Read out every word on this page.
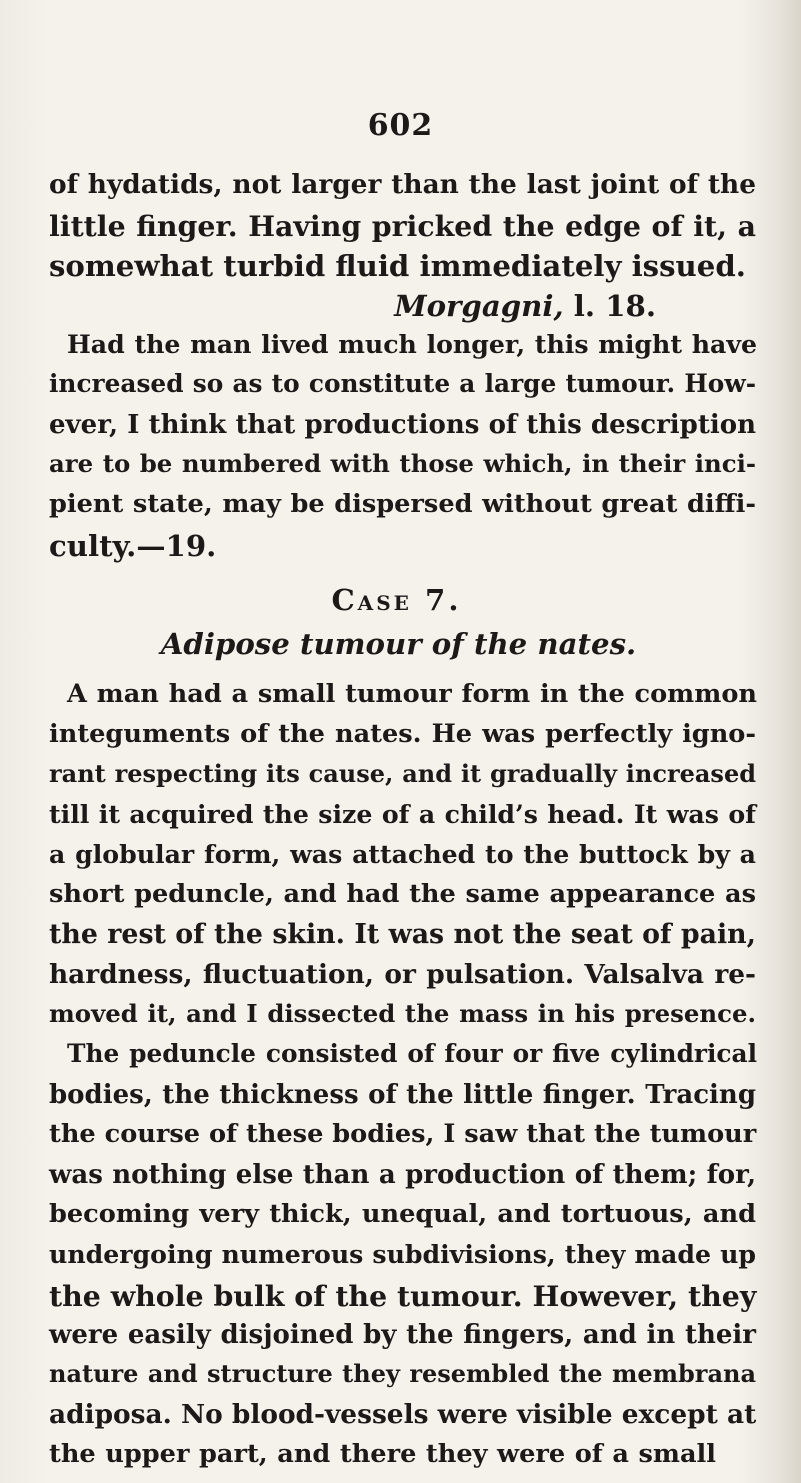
602
of hydatids, not larger than the last joint of the
little finger. Having pricked the edge of it, a
somewhat turbid fluid immediately issued.
Morgagni, l. 18.
Had the man lived much longer, this might have
increased so as to constitute a large tumour. How-
ever, I think that productions of this description
are to be numbered with those which, in their inci-
pient state, may be dispersed without great diffi-
culty.—19.
Case 7.
Adipose tumour of the nates.
A man had a small tumour form in the common
integuments of the nates. He was perfectly igno-
rant respecting its cause, and it gradually increased
till it acquired the size of a child’s head. It was of
a globular form, was attached to the buttock by a
short peduncle, and had the same appearance as
the rest of the skin. It was not the seat of pain,
hardness, fluctuation, or pulsation. Valsalva re-
moved it, and I dissected the mass in his presence.
The peduncle consisted of four or five cylindrical
bodies, the thickness of the little finger. Tracing
the course of these bodies, I saw that the tumour
was nothing else than a production of them; for,
becoming very thick, unequal, and tortuous, and
undergoing numerous subdivisions, they made up
the whole bulk of the tumour. However, they
were easily disjoined by the fingers, and in their
nature and structure they resembled the membrana
adiposa. No blood-vessels were visible except at
the upper part, and there they were of a small
